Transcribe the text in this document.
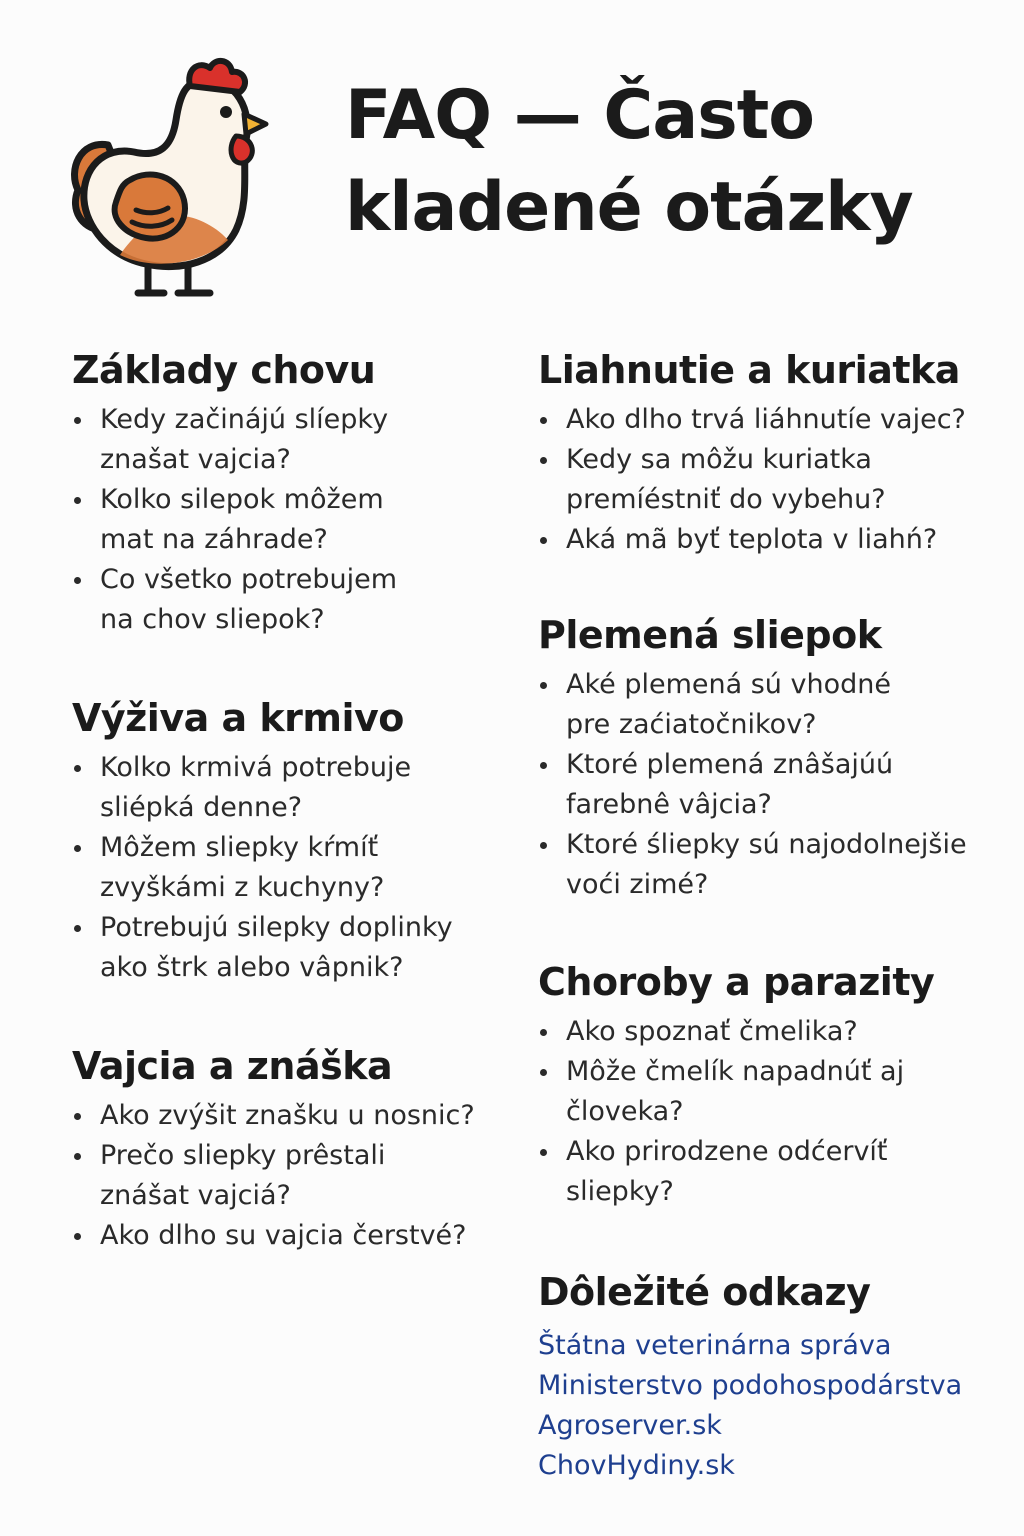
FAQ — Často
kladené otázky
Základy chovu
Kedy začinájú slíepky
znašat vajcia?
Kolko silepok môžem
mat na záhrade?
Co všetko potrebujem
na chov sliepok?
Výživa a krmivo
Kolko krmivá potrebuje
sliépká denne?
Môžem sliepky kŕmíť
zvyškámi z kuchyny?
Potrebujú silepky doplinky
ako štrk alebo vâpnik?
Vajcia a znáška
Ako zvýšit znašku u nosnic?
Prečo sliepky prêstali
znášat vajciá?
Ako dlho su vajcia čerstvé?
Liahnutie a kuriatka
Ako dlho trvá liáhnutíe vajec?
Kedy sa môžu kuriatka
premíéstniť do vybehu?
Aká mã byť teplota v liahń?
Plemená sliepok
Aké plemená sú vhodné
pre zaćiatočnikov?
Ktoré plemená znâšajúú
farebnê vâjcia?
Ktoré śliepky sú najodolnejšie
voći zimé?
Choroby a parazity
Ako spoznať čmelika?
Môže čmelík napadnúť aj
človeka?
Ako prirodzene odćervíť
sliepky?
Dôležité odkazy
Štátna veterinárna správa
Ministerstvo podohospodárstva
Agroserver.sk
ChovHydiny.sk
